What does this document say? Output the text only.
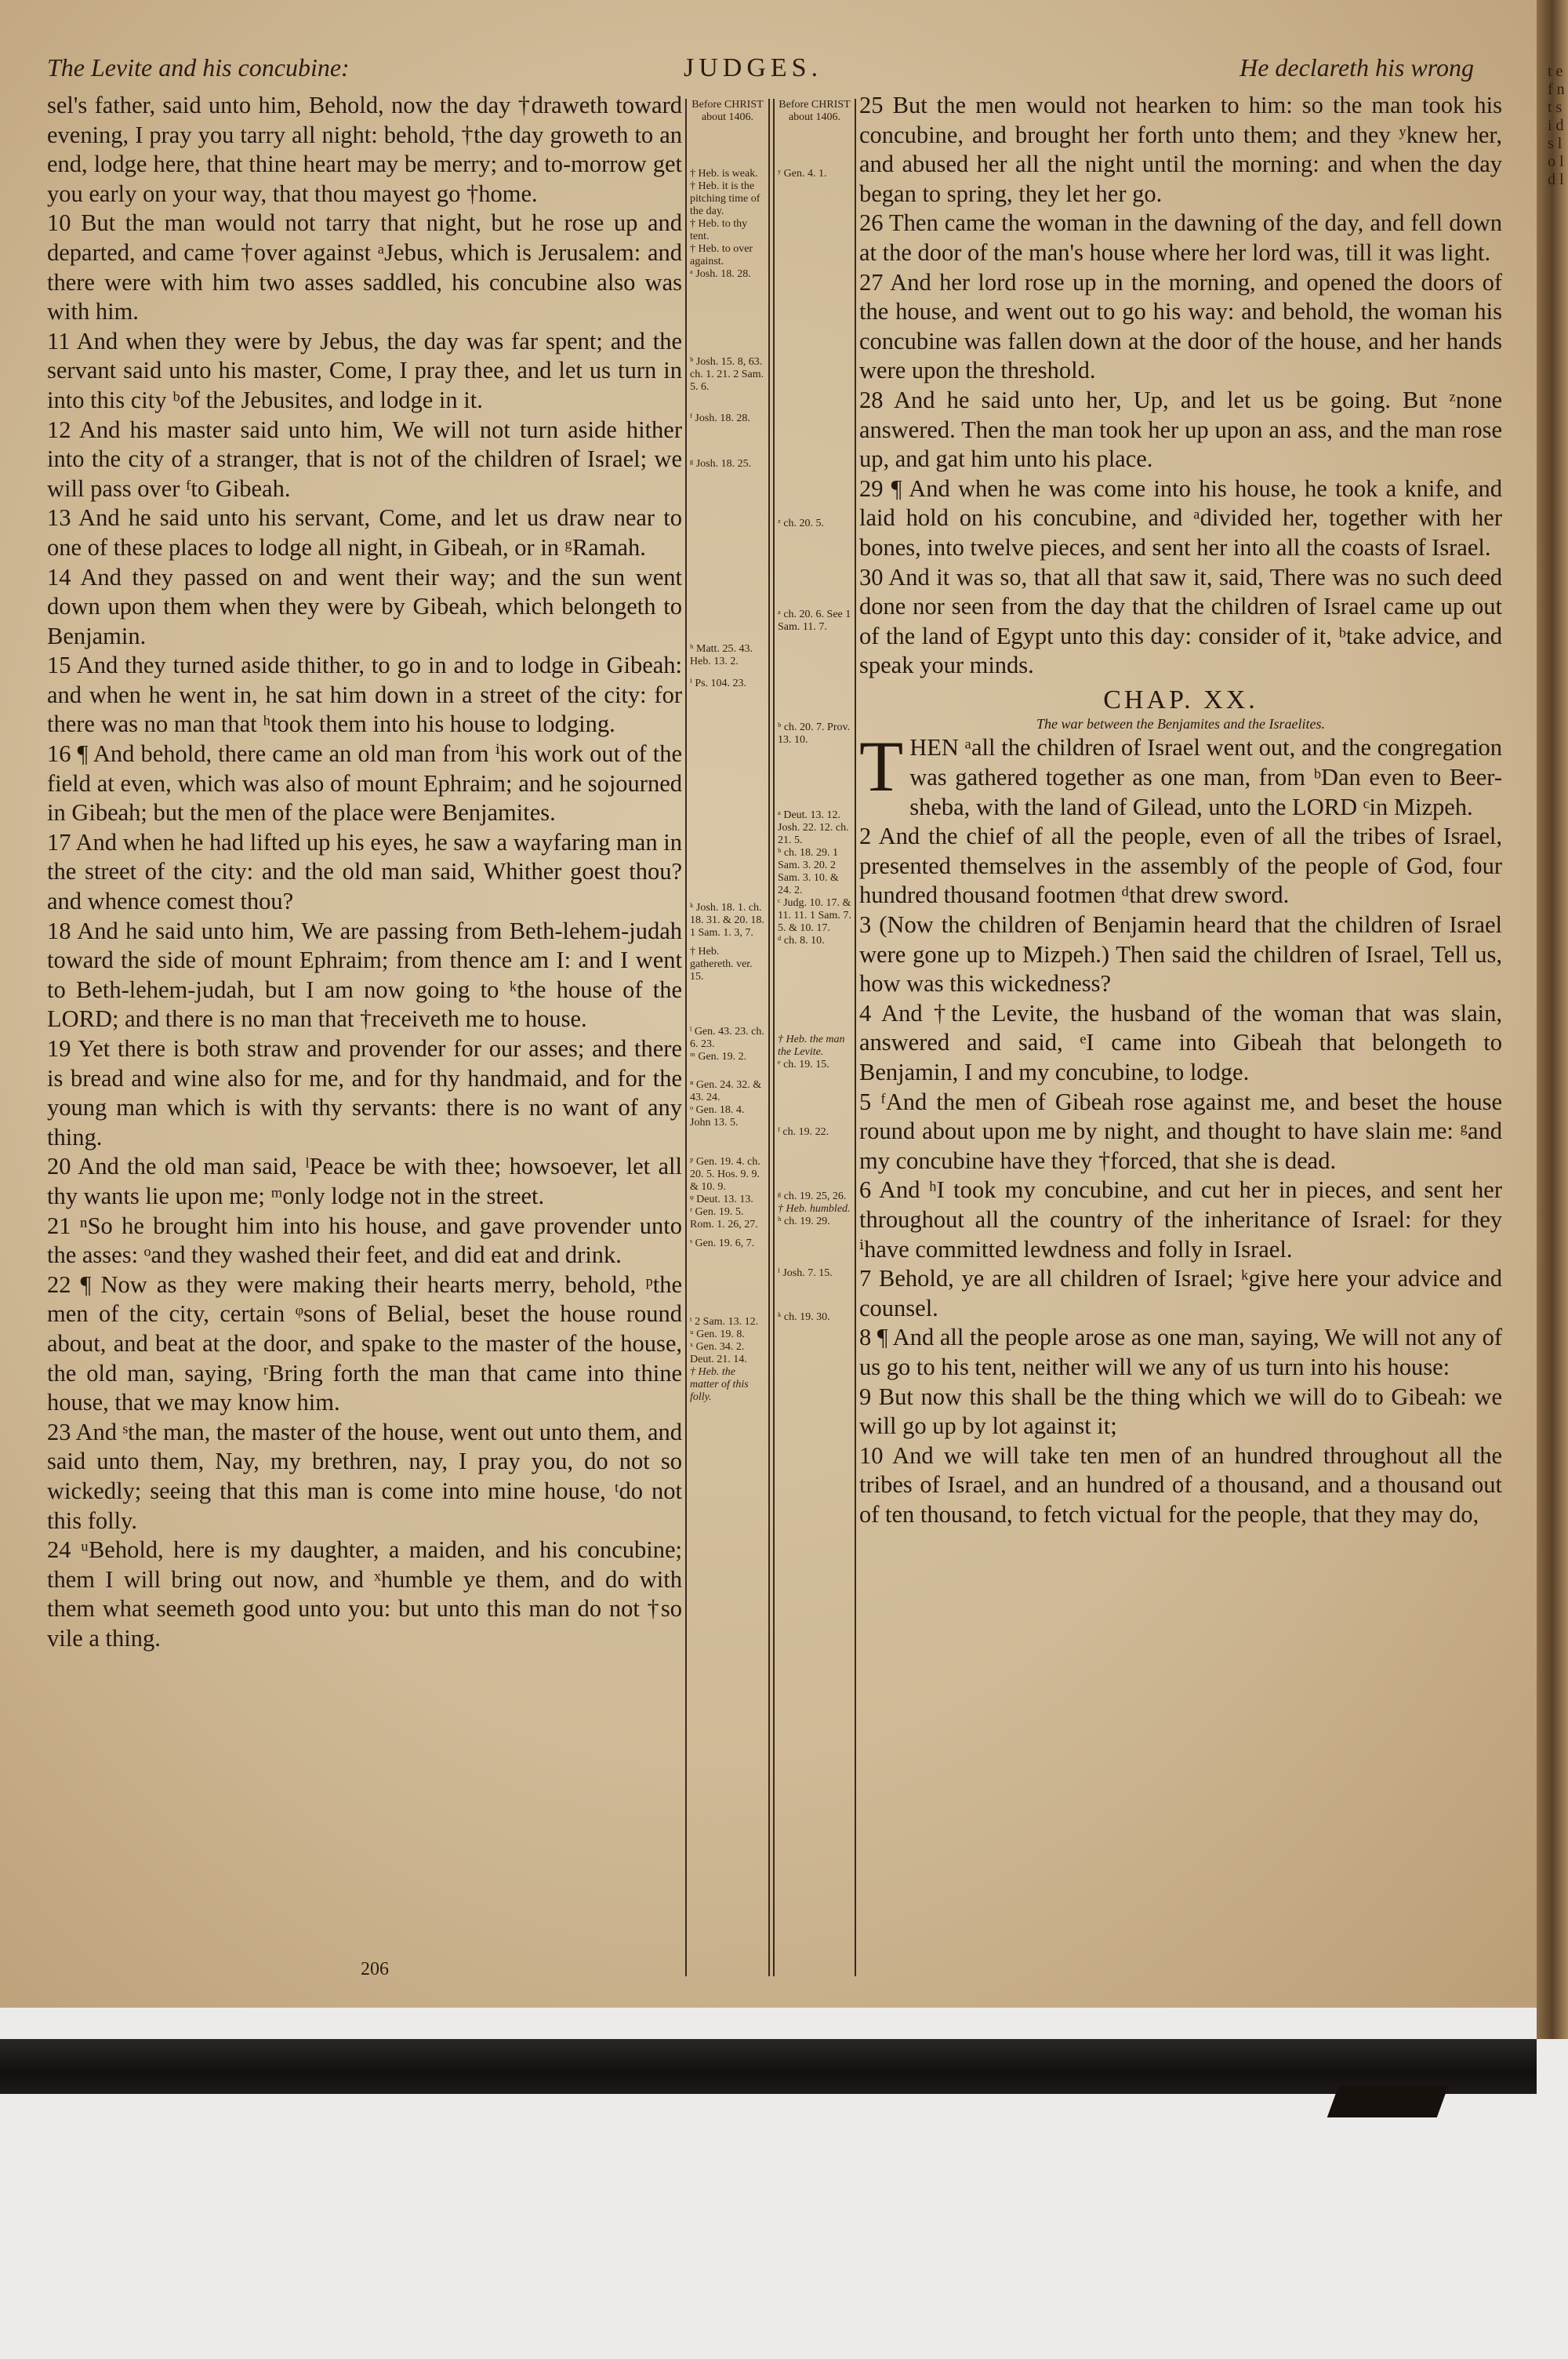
The Levite and his concubine:	JUDGES.	He declareth his wrong
Before CHRIST about 1406.
Before CHRIST about 1406.
† Heb. is weak.
† Heb. it is the pitching time of the day.
† Heb. to thy tent.
† Heb. to over against.
ᵃ Josh. 18. 28.
ᵇ Josh. 15. 8, 63. ch. 1. 21. 2 Sam. 5. 6.
ᶠ Josh. 18. 28.
ᵍ Josh. 18. 25.
ʰ Matt. 25. 43. Heb. 13. 2.
ⁱ Ps. 104. 23.
ᵏ Josh. 18. 1. ch. 18. 31. & 20. 18. 1 Sam. 1. 3, 7.
† Heb. gathereth. ver. 15.
ˡ Gen. 43. 23. ch. 6. 23.
ᵐ Gen. 19. 2.
ⁿ Gen. 24. 32. & 43. 24.
ᵒ Gen. 18. 4. John 13. 5.
ᵖ Gen. 19. 4. ch. 20. 5. Hos. 9. 9. & 10. 9.
ᵠ Deut. 13. 13.
ʳ Gen. 19. 5. Rom. 1. 26, 27.
ˢ Gen. 19. 6, 7.
ᵗ 2 Sam. 13. 12.
ᵘ Gen. 19. 8.
ˣ Gen. 34. 2. Deut. 21. 14.
† Heb. the matter of this folly.
ʸ Gen. 4. 1.
ᶻ ch. 20. 5.
ᵃ ch. 20. 6. See 1 Sam. 11. 7.
ᵇ ch. 20. 7. Prov. 13. 10.
ᵃ Deut. 13. 12. Josh. 22. 12. ch. 21. 5.
ᵇ ch. 18. 29. 1 Sam. 3. 20. 2 Sam. 3. 10. & 24. 2.
ᶜ Judg. 10. 17. & 11. 11. 1 Sam. 7. 5. & 10. 17.
ᵈ ch. 8. 10.
† Heb. the man the Levite.
ᵉ ch. 19. 15.
ᶠ ch. 19. 22.
ᵍ ch. 19. 25, 26.
† Heb. humbled.
ʰ ch. 19. 29.
ⁱ Josh. 7. 15.
ᵏ ch. 19. 30.

sel's father, said unto him, Behold, now the day †draweth toward evening, I pray you tarry all night: behold, †the day groweth to an end, lodge here, that thine heart may be merry; and to-morrow get you early on your way, that thou mayest go †home.

10 But the man would not tarry that night, but he rose up and departed, and came †over against ᵃJebus, which is Jerusalem: and there were with him two asses saddled, his concubine also was with him.

11 And when they were by Jebus, the day was far spent; and the servant said unto his master, Come, I pray thee, and let us turn in into this city ᵇof the Jebusites, and lodge in it.

12 And his master said unto him, We will not turn aside hither into the city of a stranger, that is not of the children of Israel; we will pass over ᶠto Gibeah.

13 And he said unto his servant, Come, and let us draw near to one of these places to lodge all night, in Gibeah, or in ᵍRamah.

14 And they passed on and went their way; and the sun went down upon them when they were by Gibeah, which belongeth to Benjamin.

15 And they turned aside thither, to go in and to lodge in Gibeah: and when he went in, he sat him down in a street of the city: for there was no man that ʰtook them into his house to lodging.

16 ¶ And behold, there came an old man from ⁱhis work out of the field at even, which was also of mount Ephraim; and he sojourned in Gibeah; but the men of the place were Benjamites.

17 And when he had lifted up his eyes, he saw a wayfaring man in the street of the city: and the old man said, Whither goest thou? and whence comest thou?

18 And he said unto him, We are passing from Beth-lehem-judah toward the side of mount Ephraim; from thence am I: and I went to Beth-lehem-judah, but I am now going to ᵏthe house of the LORD; and there is no man that †receiveth me to house.

19 Yet there is both straw and provender for our asses; and there is bread and wine also for me, and for thy handmaid, and for the young man which is with thy servants: there is no want of any thing.

20 And the old man said, ˡPeace be with thee; howsoever, let all thy wants lie upon me; ᵐonly lodge not in the street.

21 ⁿSo he brought him into his house, and gave provender unto the asses: ᵒand they washed their feet, and did eat and drink.

22 ¶ Now as they were making their hearts merry, behold, ᵖthe men of the city, certain ᵠsons of Belial, beset the house round about, and beat at the door, and spake to the master of the house, the old man, saying, ʳBring forth the man that came into thine house, that we may know him.

23 And ˢthe man, the master of the house, went out unto them, and said unto them, Nay, my brethren, nay, I pray you, do not so wickedly; seeing that this man is come into mine house, ᵗdo not this folly.

24 ᵘBehold, here is my daughter, a maiden, and his concubine; them I will bring out now, and ˣhumble ye them, and do with them what seemeth good unto you: but unto this man do not †so vile a thing.

25 But the men would not hearken to him: so the man took his concubine, and brought her forth unto them; and they ʸknew her, and abused her all the night until the morning: and when the day began to spring, they let her go.

26 Then came the woman in the dawning of the day, and fell down at the door of the man's house where her lord was, till it was light.

27 And her lord rose up in the morning, and opened the doors of the house, and went out to go his way: and behold, the woman his concubine was fallen down at the door of the house, and her hands were upon the threshold.

28 And he said unto her, Up, and let us be going. But ᶻnone answered. Then the man took her up upon an ass, and the man rose up, and gat him unto his place.

29 ¶ And when he was come into his house, he took a knife, and laid hold on his concubine, and ᵃdivided her, together with her bones, into twelve pieces, and sent her into all the coasts of Israel.

30 And it was so, that all that saw it, said, There was no such deed done nor seen from the day that the children of Israel came up out of the land of Egypt unto this day: consider of it, ᵇtake advice, and speak your minds.

CHAP. XX.
The war between the Benjamites and the Israelites.

THEN ᵃall the children of Israel went out, and the congregation was gathered together as one man, from ᵇDan even to Beer-sheba, with the land of Gilead, unto the LORD ᶜin Mizpeh.

2 And the chief of all the people, even of all the tribes of Israel, presented themselves in the assembly of the people of God, four hundred thousand footmen ᵈthat drew sword.

3 (Now the children of Benjamin heard that the children of Israel were gone up to Mizpeh.) Then said the children of Israel, Tell us, how was this wickedness?

4 And †the Levite, the husband of the woman that was slain, answered and said, ᵉI came into Gibeah that belongeth to Benjamin, I and my concubine, to lodge.

5 ᶠAnd the men of Gibeah rose against me, and beset the house round about upon me by night, and thought to have slain me: ᵍand my concubine have they †forced, that she is dead.

6 And ʰI took my concubine, and cut her in pieces, and sent her throughout all the country of the inheritance of Israel: for they ⁱhave committed lewdness and folly in Israel.

7 Behold, ye are all children of Israel; ᵏgive here your advice and counsel.

8 ¶ And all the people arose as one man, saying, We will not any of us go to his tent, neither will we any of us turn into his house:

9 But now this shall be the thing which we will do to Gibeah: we will go up by lot against it;

10 And we will take ten men of an hundred throughout all the tribes of Israel, and an hundred of a thousand, and a thousand out of ten thousand, to fetch victual for the people, that they may do,

206
t e f n t s i d s l o l d l
